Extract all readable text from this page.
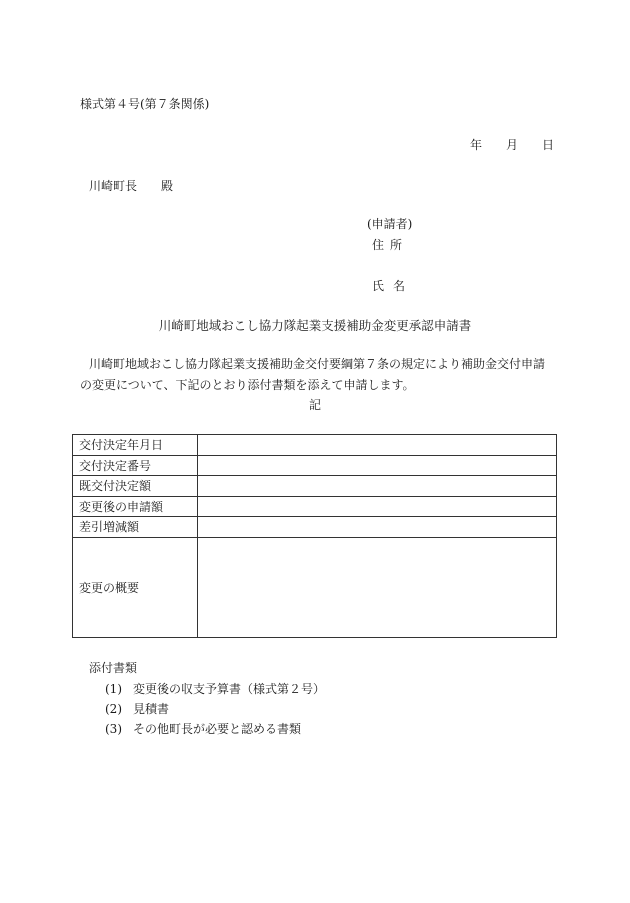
様式第４号(第７条関係)
年 月 日
川崎町長　　殿
(申請者)
住所
氏名
川崎町地域おこし協力隊起業支援補助金変更承認申請書
川崎町地域おこし協力隊起業支援補助金交付要綱第７条の規定により補助金交付申請の変更について、下記のとおり添付書類を添えて申請します。
記
交付決定年月日	
交付決定番号	
既交付決定額	
変更後の申請額	
差引増減額	
変更の概要	
添付書類
(1) 変更後の収支予算書（様式第２号）
(2) 見積書
(3) その他町長が必要と認める書類
